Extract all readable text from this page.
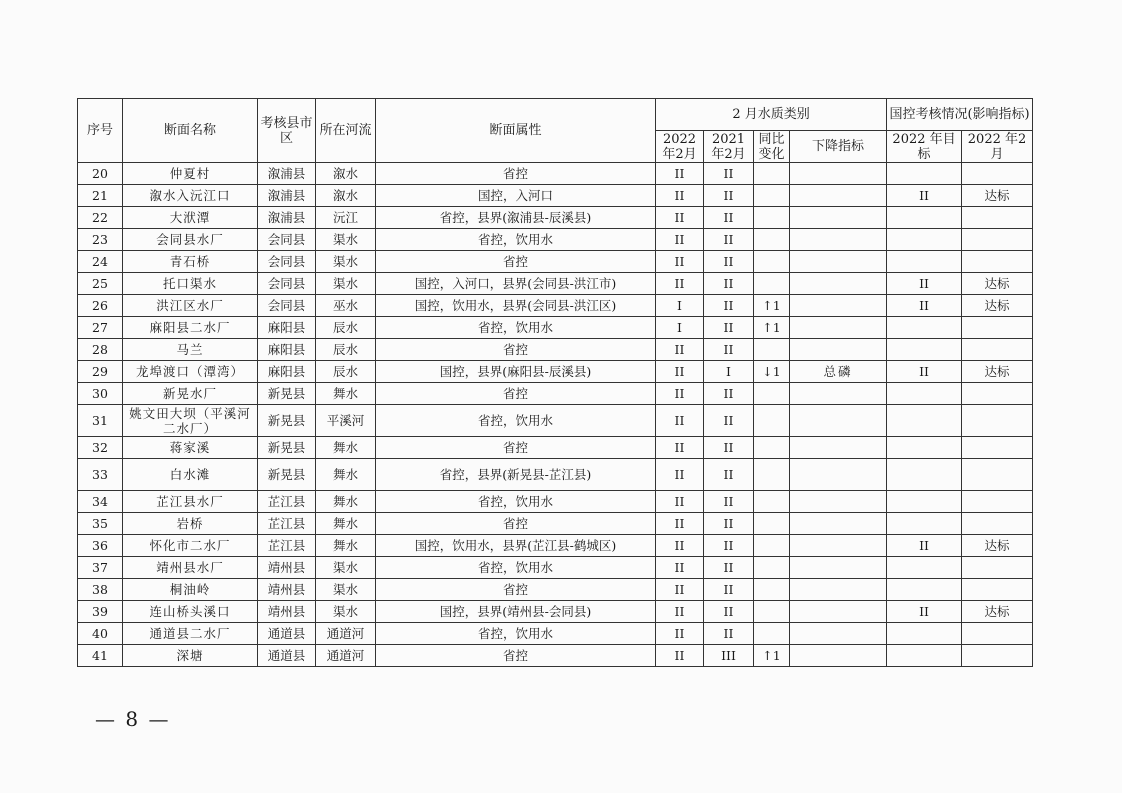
序号	断面名称	考核县市区	所在河流	断面属性	2 月水质类别				国控考核情况(影响指标)	
					2022 年2月	2021 年2月	同比变化	下降指标	2022 年目标	2022 年2月
20	仲夏村	溆浦县	溆水	省控	II	II				
21	溆水入沅江口	溆浦县	溆水	国控，入河口	II	II			II	达标
22	大洑潭	溆浦县	沅江	省控，县界(溆浦县-辰溪县)	II	II				
23	会同县水厂	会同县	渠水	省控，饮用水	II	II				
24	青石桥	会同县	渠水	省控	II	II				
25	托口渠水	会同县	渠水	国控，入河口，县界(会同县-洪江市)	II	II			II	达标
26	洪江区水厂	会同县	巫水	国控，饮用水，县界(会同县-洪江区)	I	II	↑1		II	达标
27	麻阳县二水厂	麻阳县	辰水	省控，饮用水	I	II	↑1			
28	马兰	麻阳县	辰水	省控	II	II				
29	龙埠渡口（潭湾）	麻阳县	辰水	国控，县界(麻阳县-辰溪县)	II	I	↓1	总磷	II	达标
30	新晃水厂	新晃县	舞水	省控	II	II				
31	姚文田大坝（平溪河二水厂）	新晃县	平溪河	省控，饮用水	II	II				
32	蒋家溪	新晃县	舞水	省控	II	II				
33	白水滩	新晃县	舞水	省控，县界(新晃县-芷江县)	II	II				
34	芷江县水厂	芷江县	舞水	省控，饮用水	II	II				
35	岩桥	芷江县	舞水	省控	II	II				
36	怀化市二水厂	芷江县	舞水	国控，饮用水，县界(芷江县-鹤城区)	II	II			II	达标
37	靖州县水厂	靖州县	渠水	省控，饮用水	II	II				
38	桐油岭	靖州县	渠水	省控	II	II				
39	连山桥头溪口	靖州县	渠水	国控，县界(靖州县-会同县)	II	II			II	达标
40	通道县二水厂	通道县	通道河	省控，饮用水	II	II				
41	深塘	通道县	通道河	省控	II	III	↑1			
— 8 —
